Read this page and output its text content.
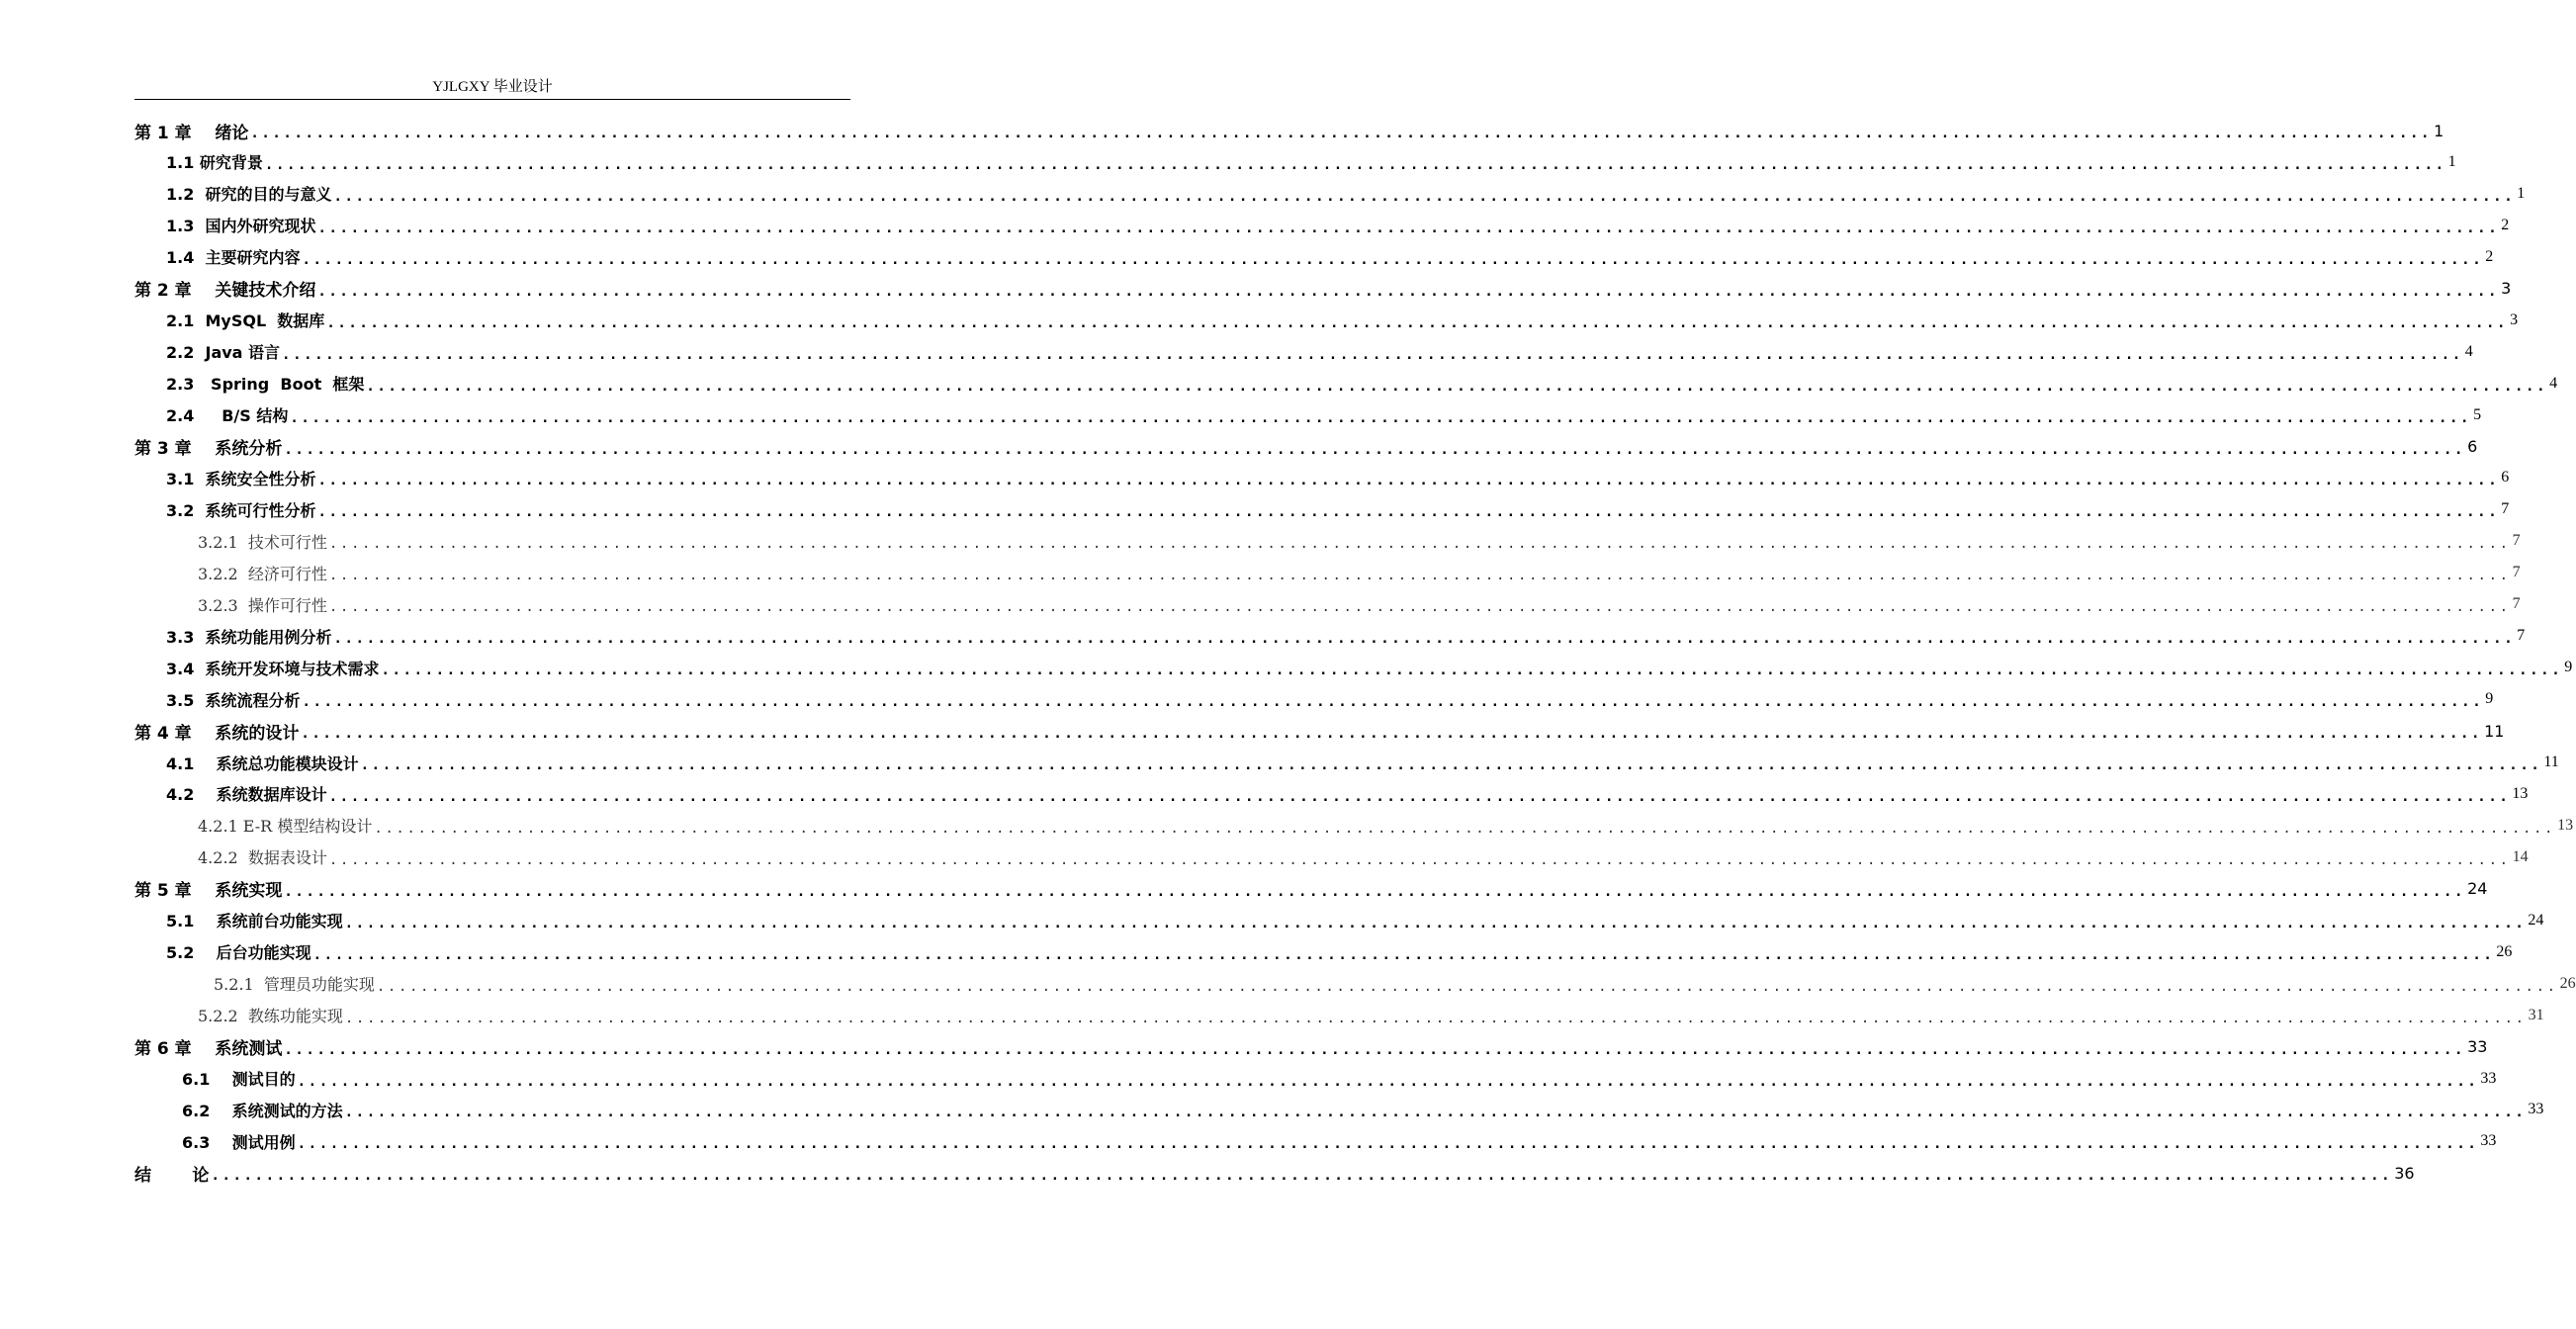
YJLGXY 毕业设计
第 1 章    绪论 ........................................................................................................................................................................................................ 1
1.1 研究背景 ........................................................................................................................................................................................................ 1
1.2  研究的目的与意义 ........................................................................................................................................................................................................ 1
1.3  国内外研究现状 ........................................................................................................................................................................................................ 2
1.4  主要研究内容 ........................................................................................................................................................................................................ 2
第 2 章    关键技术介绍 ........................................................................................................................................................................................................ 3
2.1  MySQL  数据库 ........................................................................................................................................................................................................ 3
2.2  Java 语言 ........................................................................................................................................................................................................ 4
2.3   Spring  Boot  框架 ........................................................................................................................................................................................................ 4
2.4     B/S 结构 ........................................................................................................................................................................................................ 5
第 3 章    系统分析 ........................................................................................................................................................................................................ 6
3.1  系统安全性分析 ........................................................................................................................................................................................................ 6
3.2  系统可行性分析 ........................................................................................................................................................................................................ 7
3.2.1  技术可行性 ........................................................................................................................................................................................................ 7
3.2.2  经济可行性 ........................................................................................................................................................................................................ 7
3.2.3  操作可行性 ........................................................................................................................................................................................................ 7
3.3  系统功能用例分析 ........................................................................................................................................................................................................ 7
3.4  系统开发环境与技术需求 ........................................................................................................................................................................................................ 9
3.5  系统流程分析 ........................................................................................................................................................................................................ 9
第 4 章    系统的设计 ........................................................................................................................................................................................................ 11
4.1    系统总功能模块设计 ........................................................................................................................................................................................................ 11
4.2    系统数据库设计 ........................................................................................................................................................................................................ 13
4.2.1 E-R 模型结构设计 ........................................................................................................................................................................................................ 13
4.2.2  数据表设计 ........................................................................................................................................................................................................ 14
第 5 章    系统实现 ........................................................................................................................................................................................................ 24
5.1    系统前台功能实现 ........................................................................................................................................................................................................ 24
5.2    后台功能实现 ........................................................................................................................................................................................................ 26
5.2.1  管理员功能实现 ........................................................................................................................................................................................................ 26
5.2.2  教练功能实现 ........................................................................................................................................................................................................ 31
第 6 章    系统测试 ........................................................................................................................................................................................................ 33
6.1    测试目的 ........................................................................................................................................................................................................ 33
6.2    系统测试的方法 ........................................................................................................................................................................................................ 33
6.3    测试用例 ........................................................................................................................................................................................................ 33
结       论 ........................................................................................................................................................................................................ 36
